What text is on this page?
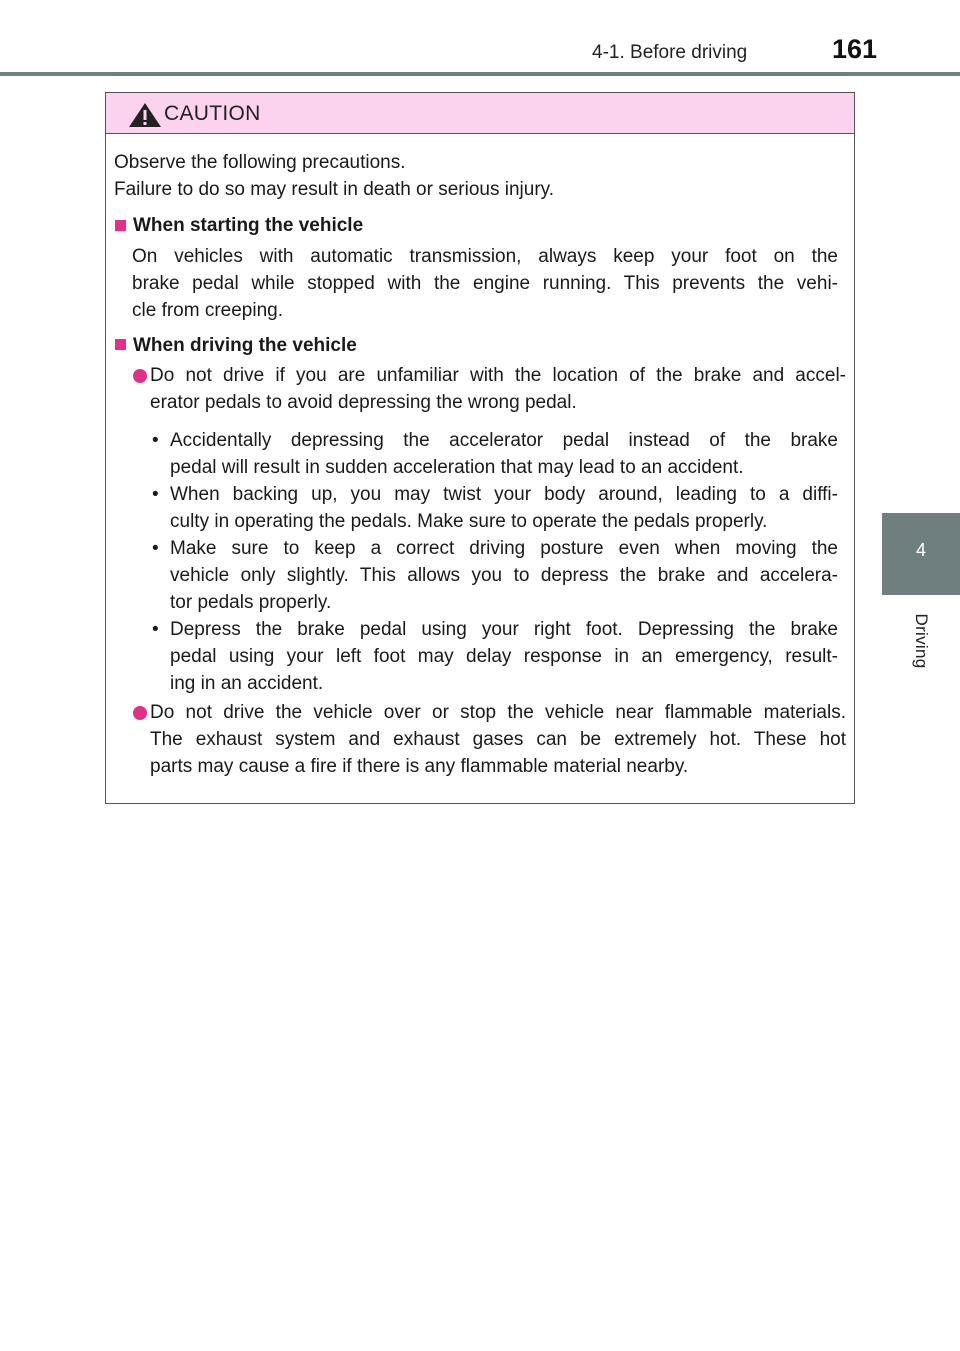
4-1. Before driving	161
4
Driving
CAUTION
Observe the following precautions.
Failure to do so may result in death or serious injury.
When starting the vehicle
On vehicles with automatic transmission, always keep your foot on the
brake pedal while stopped with the engine running. This prevents the vehi-
cle from creeping.
When driving the vehicle
Do not drive if you are unfamiliar with the location of the brake and accel-
erator pedals to avoid depressing the wrong pedal.
• Accidentally depressing the accelerator pedal instead of the brake
pedal will result in sudden acceleration that may lead to an accident.
• When backing up, you may twist your body around, leading to a diffi-
culty in operating the pedals. Make sure to operate the pedals properly.
• Make sure to keep a correct driving posture even when moving the
vehicle only slightly. This allows you to depress the brake and accelera-
tor pedals properly.
• Depress the brake pedal using your right foot. Depressing the brake
pedal using your left foot may delay response in an emergency, result-
ing in an accident.
Do not drive the vehicle over or stop the vehicle near flammable materials.
The exhaust system and exhaust gases can be extremely hot. These hot
parts may cause a fire if there is any flammable material nearby.
